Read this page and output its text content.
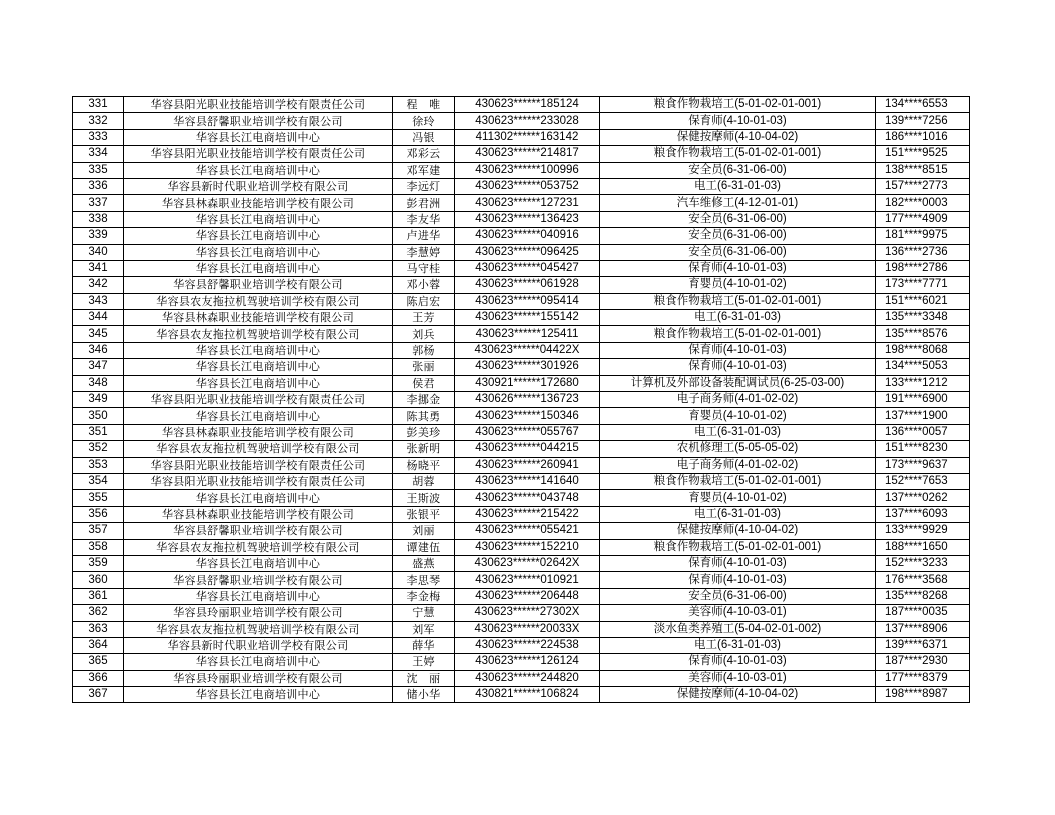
331	华容县阳光职业技能培训学校有限责任公司	程　唯	430623******185124	粮食作物栽培工(5-01-02-01-001)	134****6553
332	华容县舒馨职业培训学校有限公司	徐玲	430623******233028	保育师(4-10-01-03)	139****7256
333	华容县长江电商培训中心	冯银	411302******163142	保健按摩师(4-10-04-02)	186****1016
334	华容县阳光职业技能培训学校有限责任公司	邓彩云	430623******214817	粮食作物栽培工(5-01-02-01-001)	151****9525
335	华容县长江电商培训中心	邓军建	430623******100996	安全员(6-31-06-00)	138****8515
336	华容县新时代职业培训学校有限公司	李远灯	430623******053752	电工(6-31-01-03)	157****2773
337	华容县林森职业技能培训学校有限公司	彭君洲	430623******127231	汽车维修工(4-12-01-01)	182****0003
338	华容县长江电商培训中心	李友华	430623******136423	安全员(6-31-06-00)	177****4909
339	华容县长江电商培训中心	卢进华	430623******040916	安全员(6-31-06-00)	181****9975
340	华容县长江电商培训中心	李慧婷	430623******096425	安全员(6-31-06-00)	136****2736
341	华容县长江电商培训中心	马守桂	430623******045427	保育师(4-10-01-03)	198****2786
342	华容县舒馨职业培训学校有限公司	邓小蓉	430623******061928	育婴员(4-10-01-02)	173****7771
343	华容县农友拖拉机驾驶培训学校有限公司	陈启宏	430623******095414	粮食作物栽培工(5-01-02-01-001)	151****6021
344	华容县林森职业技能培训学校有限公司	王芳	430623******155142	电工(6-31-01-03)	135****3348
345	华容县农友拖拉机驾驶培训学校有限公司	刘兵	430623******125411	粮食作物栽培工(5-01-02-01-001)	135****8576
346	华容县长江电商培训中心	郭杨	430623******04422X	保育师(4-10-01-03)	198****8068
347	华容县长江电商培训中心	张丽	430623******301926	保育师(4-10-01-03)	134****5053
348	华容县长江电商培训中心	侯君	430921******172680	计算机及外部设备装配调试员(6-25-03-00)	133****1212
349	华容县阳光职业技能培训学校有限责任公司	李挪金	430626******136723	电子商务师(4-01-02-02)	191****6900
350	华容县长江电商培训中心	陈其勇	430623******150346	育婴员(4-10-01-02)	137****1900
351	华容县林森职业技能培训学校有限公司	彭美珍	430623******055767	电工(6-31-01-03)	136****0057
352	华容县农友拖拉机驾驶培训学校有限公司	张新明	430623******044215	农机修理工(5-05-05-02)	151****8230
353	华容县阳光职业技能培训学校有限责任公司	杨晓平	430623******260941	电子商务师(4-01-02-02)	173****9637
354	华容县阳光职业技能培训学校有限责任公司	胡蓉	430623******141640	粮食作物栽培工(5-01-02-01-001)	152****7653
355	华容县长江电商培训中心	王斯波	430623******043748	育婴员(4-10-01-02)	137****0262
356	华容县林森职业技能培训学校有限公司	张银平	430623******215422	电工(6-31-01-03)	137****6093
357	华容县舒馨职业培训学校有限公司	刘丽	430623******055421	保健按摩师(4-10-04-02)	133****9929
358	华容县农友拖拉机驾驶培训学校有限公司	谭建伍	430623******152210	粮食作物栽培工(5-01-02-01-001)	188****1650
359	华容县长江电商培训中心	盛燕	430623******02642X	保育师(4-10-01-03)	152****3233
360	华容县舒馨职业培训学校有限公司	李思琴	430623******010921	保育师(4-10-01-03)	176****3568
361	华容县长江电商培训中心	李金梅	430623******206448	安全员(6-31-06-00)	135****8268
362	华容县玲丽职业培训学校有限公司	宁慧	430623******27302X	美容师(4-10-03-01)	187****0035
363	华容县农友拖拉机驾驶培训学校有限公司	刘军	430623******20033X	淡水鱼类养殖工(5-04-02-01-002)	137****8906
364	华容县新时代职业培训学校有限公司	薛华	430623******224538	电工(6-31-01-03)	139****6371
365	华容县长江电商培训中心	王婷	430623******126124	保育师(4-10-01-03)	187****2930
366	华容县玲丽职业培训学校有限公司	沈　丽	430623******244820	美容师(4-10-03-01)	177****8379
367	华容县长江电商培训中心	储小华	430821******106824	保健按摩师(4-10-04-02)	198****8987
